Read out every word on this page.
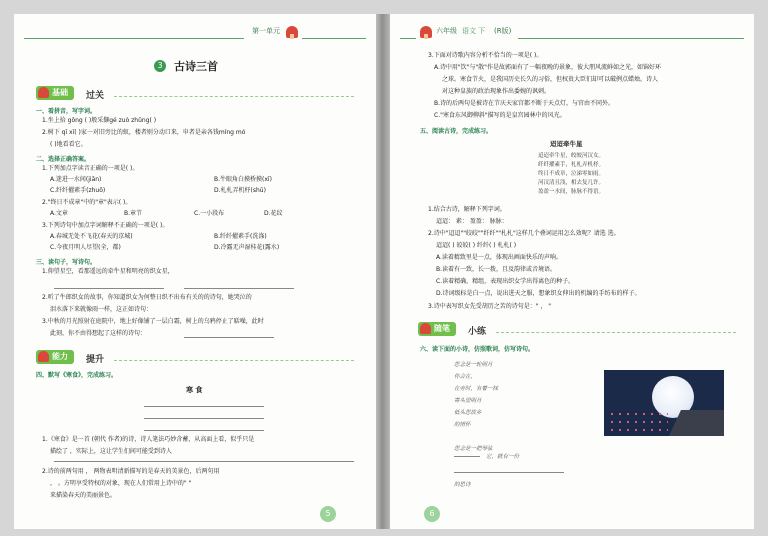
第一单元
3	古诗三首
基础	过关
一、看拼音，写字词。
1.坐上拾 gǒng ( )般采撷gé zuò zhǔng( )
2.树下 qī xī( )家一对旧旁比的蚁，楼者则分动口来，申者是亲各钱míng mó
( )地看看它。
二、选择正确答案。
1.下列加点字读音正确的一项是( )。
A.迷进一水间(jiān)	B.牛眼角白摸桥摸(xī)
C.纤纤擢素手(zhuō)	D.札札弄机杼(shū)
2."终日不成章"中的"章"表示( )。
A.文章	B.章节	C.一小段布	D.花纹
3.下列诗句中加点字词解释不正确的一项是( )。
A.春城无处不飞花(春天的京城)	B.纤纤擢素手(洗涤)
C.今夜月明人尽望(全，都)	D.冷露无声湿桂花(露水)
三、读句子，写诗句。
1.仰望星空，看那遥远的牵牛星和明亮的织女星，
2.听了牛郎织女的故事，你知道织女为何整日织不出布有关的的诗句，她哭泣的
泪水落下来就像雨一样，这正如诗句：
3.中秋的月光照射在庭院中，地上好像铺了一层白霜，树上的乌鸦停止了聒噪，此时
此刻，你不由得想起了这样的诗句：
能力	提升
四、默写《寒食》，完成练习。
寒 食
1.《寒食》是一首 (朝代 作者)的诗，诗人笔法巧妙含蓄，从高面上看，似乎只是
描绘了 ，实际上，这让学生们间可能受到诗人
2.诗的前两句用 ， 两物表明清新描写的是春天的美景色，后两句用
， 。方明享受特权的对象，现在人们常用上诗中的" "
来描染春天的美丽景色。
5
六年级 语文 下 (R版)
3.下面对诗歌内容分析不恰当的一项是( )。
A.诗中用"饮"与"散"作是故郭面有了一幅夜晚的景象，彼大朋风流鲜如之光，如锦好环
之球。寒食节火，是我国历史长久的习俗，但权贵大臣们却可以破例点蜡烛。诗人
对这种皇族的政治现象作出委婉的讽刺。
B.诗的后两句是被诗在节庆天家宫都不断于天点灯，与官由不同外。
C."寒食东风御柳斜"描写的是皇宫园林中的风光。
五、阅读古诗，完成练习。
迢迢牵牛星
迢迢牵牛星，皎皎河汉女。
纤纤擢素手，札札弄机杼。
终日不成章，泣涕零如雨。
河汉清且浅，相去复几许。
盈盈一水间，脉脉不得语。
1.结合古诗，解释下列字词。
迢迢： 素： 盈盈： 脉脉：
2.诗中"迢迢""皎皎""纤纤""札札"这样几个叠词运用怎么效呢？请选 选。
迢迢( ) 皎皎( ) 纤纤( ) 札札( )
A.读着精致里是一点，体现出画面快乐的声响。
B.读着有一致，长一拨，且及韵律或音境语。
C.读着精确，精组，表现出织女学出得离色的种子。
D.诗词级标是白一点，说出进天之服，想象织女伸出的机编的手纺布的样子。
3.诗中表写织女先受胡历之苦的诗句是：" ， "
随笔	小练
六、读下面的小诗，仿照歌词，仿写诗句。
思念是一轮明月
你会在，
在旁时，有着一抹
寄头望明月
低头思故乡
的情怀
思念是一把琴弦
它，就有一份
的思诗
6
